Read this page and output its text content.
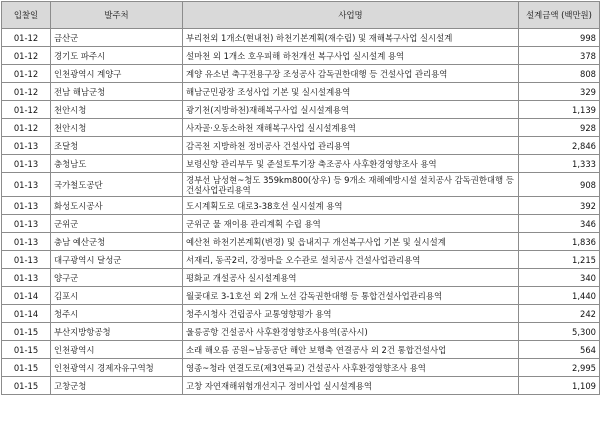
입찰일	발주처	사업명	설계금액 (백만원)
01-12	금산군	부리천외 1개소(현내천) 하천기본계획(재수립) 및 재해복구사업 실시설계	998
01-12	경기도 파주시	설마천 외 1개소 호우피해 하천개선 복구사업 실시설계 용역	378
01-12	인천광역시 계양구	계양 유소년 축구전용구장 조성공사 감독권한대행 등 건설사업 관리용역	808
01-12	전남 해남군청	해남군민광장 조성사업 기본 및 실시설계용역	329
01-12	천안시청	광기천(지방하천)재해복구사업 실시설계용역	1,139
01-12	천안시청	사자골·오동소하천 재해복구사업 실시설계용역	928
01-13	조달청	감곡천 지방하천 정비공사 건설사업 관리용역	2,846
01-13	충청남도	보령신항 관리부두 및 준설토투기장 축조공사 사후환경영향조사 용역	1,333
01-13	국가철도공단	경부선 남성현~청도 359km800(상우) 등 9개소 재해예방시설 설치공사 감독권한대행 등 건설사업관리용역	908
01-13	화성도시공사	도시계획도로 대로3-38호선 실시설계 용역	392
01-13	군위군	군위군 물 재이용 관리계획 수립 용역	346
01-13	충남 예산군청	예산천 하천기본계획(변경) 및 읍내지구 개선복구사업 기본 및 실시설계	1,836
01-13	대구광역시 달성군	서재리, 동곡2리, 강정마을 오수관로 설치공사 건설사업관리용역	1,215
01-13	양구군	평화교 개설공사 실시설계용역	340
01-14	김포시	월곶대로 3-1호선 외 2개 노선 감독권한대행 등 통합건설사업관리용역	1,440
01-14	청주시	청주시청사 건립공사 교통영향평가 용역	242
01-15	부산지방항공청	울릉공항 건설공사 사후환경영향조사용역(공사시)	5,300
01-15	인천광역시	소래 해오름 공원~남동공단 해안 보행축 연결공사 외 2건 통합건설사업	564
01-15	인천광역시 경제자유구역청	영종~청라 연결도로(제3연륙교) 건설공사 사후환경영향조사 용역	2,995
01-15	고창군청	고창 자연재해위험개선지구 정비사업 실시설계용역	1,109
